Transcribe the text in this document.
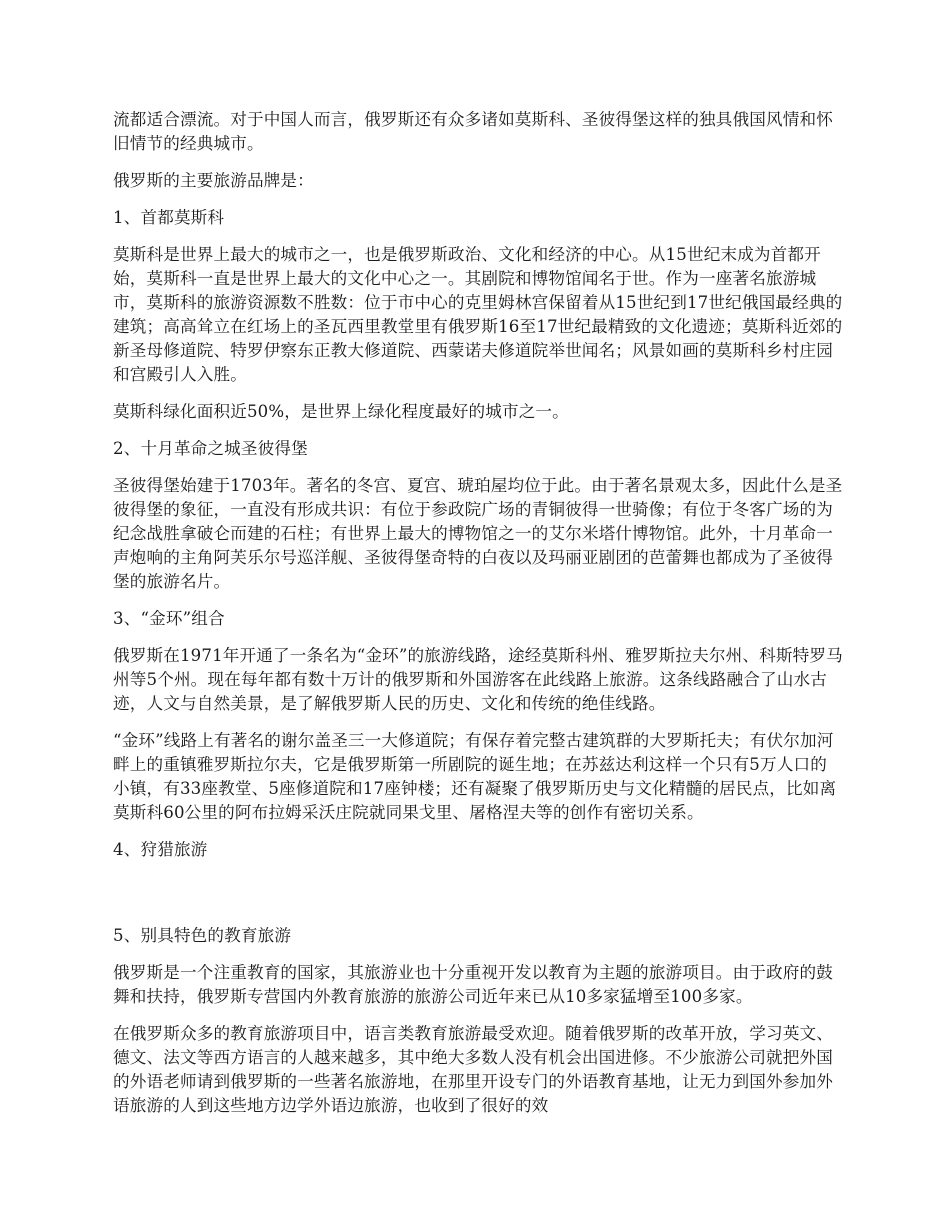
流都适合漂流。对于中国人而言，俄罗斯还有众多诸如莫斯科、圣彼得堡这样的独具俄国风情和怀旧情节的经典城市。

俄罗斯的主要旅游品牌是：

1、首都莫斯科

莫斯科是世界上最大的城市之一，也是俄罗斯政治、文化和经济的中心。从15世纪末成为首都开始，莫斯科一直是世界上最大的文化中心之一。其剧院和博物馆闻名于世。作为一座著名旅游城市，莫斯科的旅游资源数不胜数：位于市中心的克里姆林宫保留着从15世纪到17世纪俄国最经典的建筑；高高耸立在红场上的圣瓦西里教堂里有俄罗斯16至17世纪最精致的文化遗迹；莫斯科近郊的新圣母修道院、特罗伊察东正教大修道院、西蒙诺夫修道院举世闻名；风景如画的莫斯科乡村庄园和宫殿引人入胜。

莫斯科绿化面积近50%，是世界上绿化程度最好的城市之一。

2、十月革命之城圣彼得堡

圣彼得堡始建于1703年。著名的冬宫、夏宫、琥珀屋均位于此。由于著名景观太多，因此什么是圣彼得堡的象征，一直没有形成共识：有位于参政院广场的青铜彼得一世骑像；有位于冬客广场的为纪念战胜拿破仑而建的石柱；有世界上最大的博物馆之一的艾尔米塔什博物馆。此外，十月革命一声炮响的主角阿芙乐尔号巡洋舰、圣彼得堡奇特的白夜以及玛丽亚剧团的芭蕾舞也都成为了圣彼得堡的旅游名片。

3、“金环”组合

俄罗斯在1971年开通了一条名为“金环”的旅游线路，途经莫斯科州、雅罗斯拉夫尔州、科斯特罗马州等5个州。现在每年都有数十万计的俄罗斯和外国游客在此线路上旅游。这条线路融合了山水古迹，人文与自然美景，是了解俄罗斯人民的历史、文化和传统的绝佳线路。

“金环”线路上有著名的谢尔盖圣三一大修道院；有保存着完整古建筑群的大罗斯托夫；有伏尔加河畔上的重镇雅罗斯拉尔夫，它是俄罗斯第一所剧院的诞生地；在苏兹达利这样一个只有5万人口的小镇，有33座教堂、5座修道院和17座钟楼；还有凝聚了俄罗斯历史与文化精髓的居民点，比如离莫斯科60公里的阿布拉姆采沃庄院就同果戈里、屠格涅夫等的创作有密切关系。

4、狩猎旅游

5、别具特色的教育旅游

俄罗斯是一个注重教育的国家，其旅游业也十分重视开发以教育为主题的旅游项目。由于政府的鼓舞和扶持，俄罗斯专营国内外教育旅游的旅游公司近年来已从10多家猛增至100多家。

在俄罗斯众多的教育旅游项目中，语言类教育旅游最受欢迎。随着俄罗斯的改革开放，学习英文、德文、法文等西方语言的人越来越多，其中绝大多数人没有机会出国进修。不少旅游公司就把外国的外语老师请到俄罗斯的一些著名旅游地，在那里开设专门的外语教育基地，让无力到国外参加外语旅游的人到这些地方边学外语边旅游，也收到了很好的效
